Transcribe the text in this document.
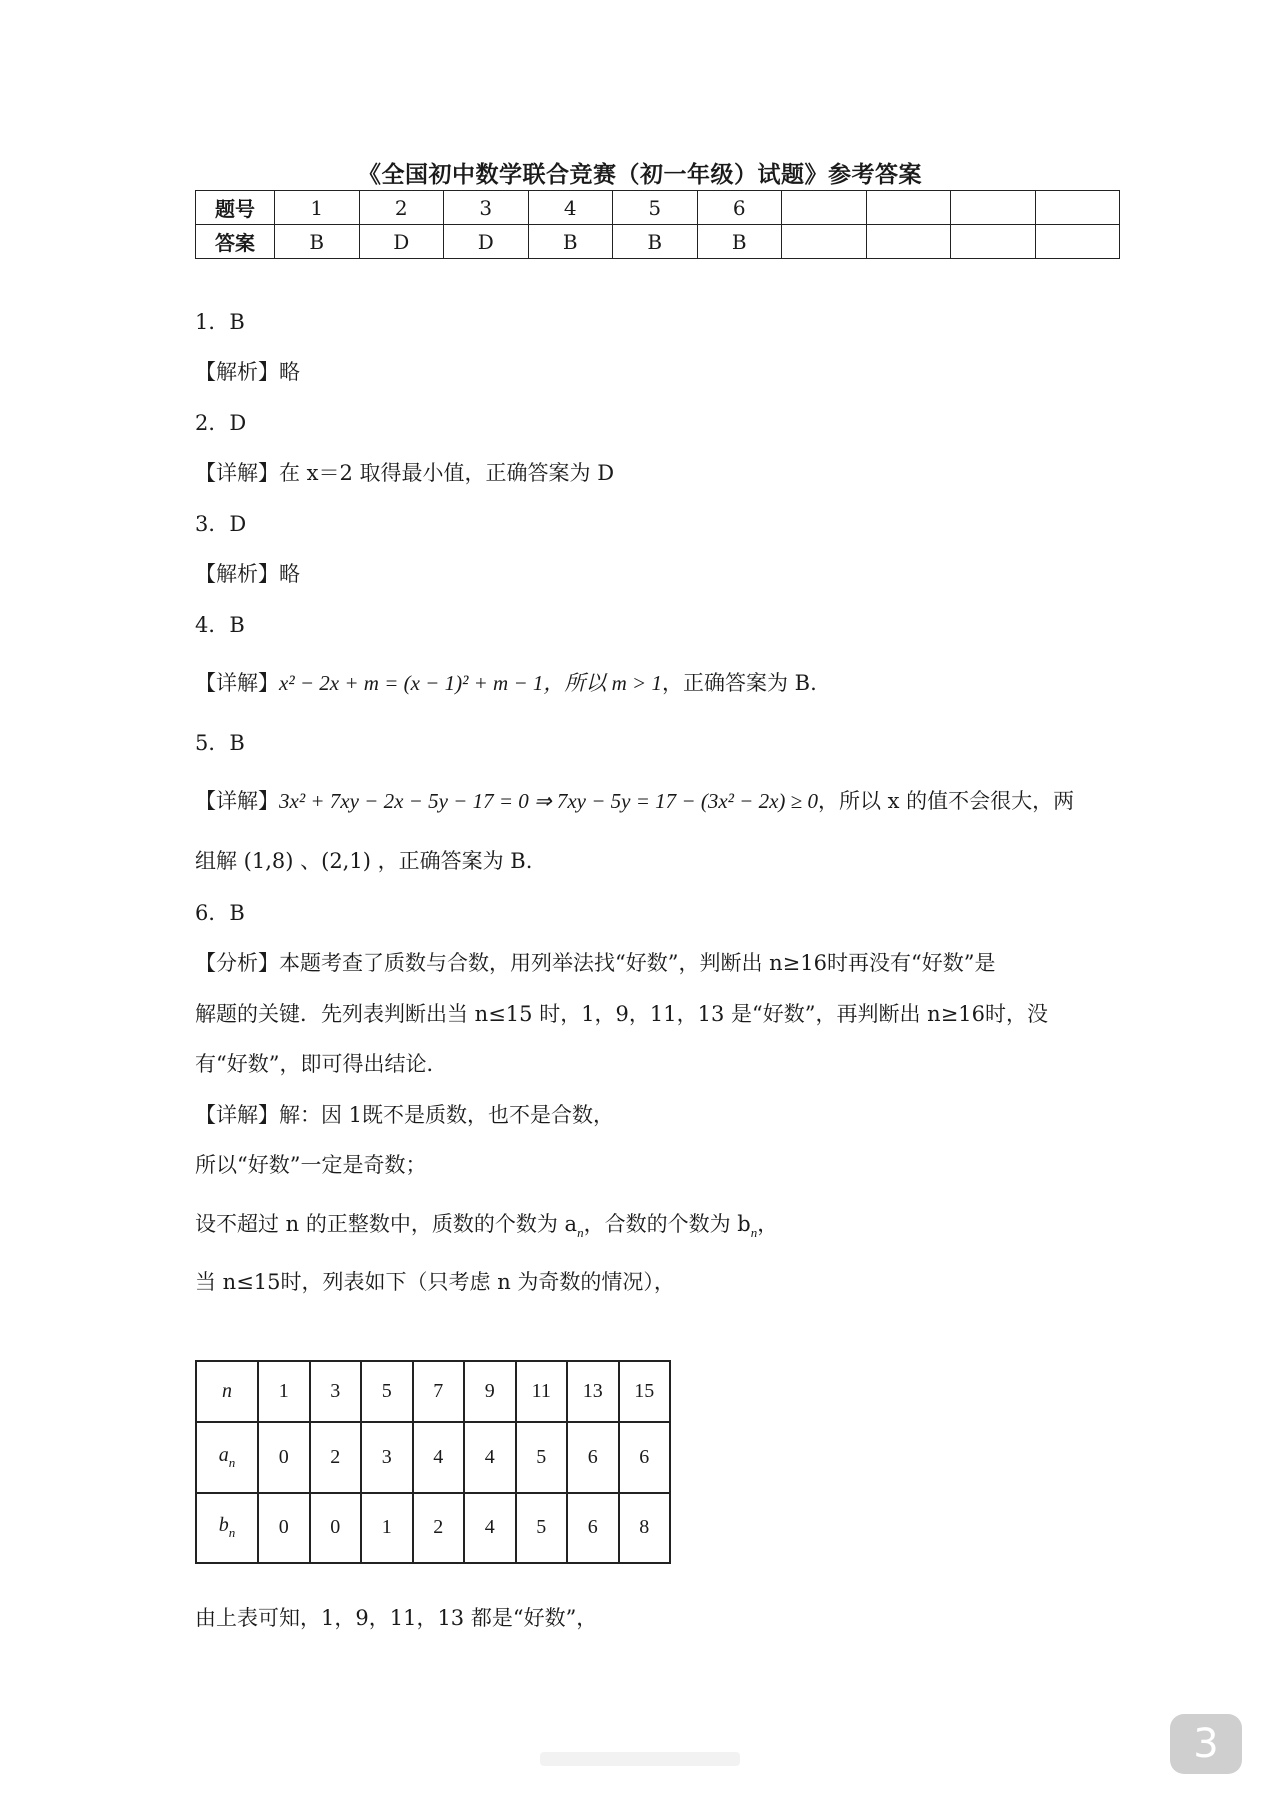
《全国初中数学联合竞赛（初一年级）试题》参考答案
题号	1	2	3	4	5	6				
答案	B	D	D	B	B	B				
1．B
【解析】略
2．D
【详解】在 x＝2 取得最小值，正确答案为 D
3．D
【解析】略
4．B
【详解】x² − 2x + m = (x − 1)² + m − 1，所以 m > 1，正确答案为 B.
5．B
【详解】3x² + 7xy − 2x − 5y − 17 = 0 ⇒ 7xy − 5y = 17 − (3x² − 2x) ≥ 0，所以 x 的值不会很大，两
组解 (1,8) 、(2,1) ，正确答案为 B.
6．B
【分析】本题考查了质数与合数，用列举法找“好数”，判断出 n≥16时再没有“好数”是
解题的关键．先列表判断出当 n≤15 时，1，9，11，13 是“好数”，再判断出 n≥16时，没
有“好数”，即可得出结论．
【详解】解：因 1既不是质数，也不是合数，
所以“好数”一定是奇数；
设不超过 n 的正整数中，质数的个数为 $a_n$，合数的个数为 $b_n$，
当 n≤15时，列表如下（只考虑 n 为奇数的情况），
n	1	3	5	7	9	11	13	15
$a_n$	0	2	3	4	4	5	6	6
$b_n$	0	0	1	2	4	5	6	8
由上表可知，1，9，11，13 都是“好数”，
3
